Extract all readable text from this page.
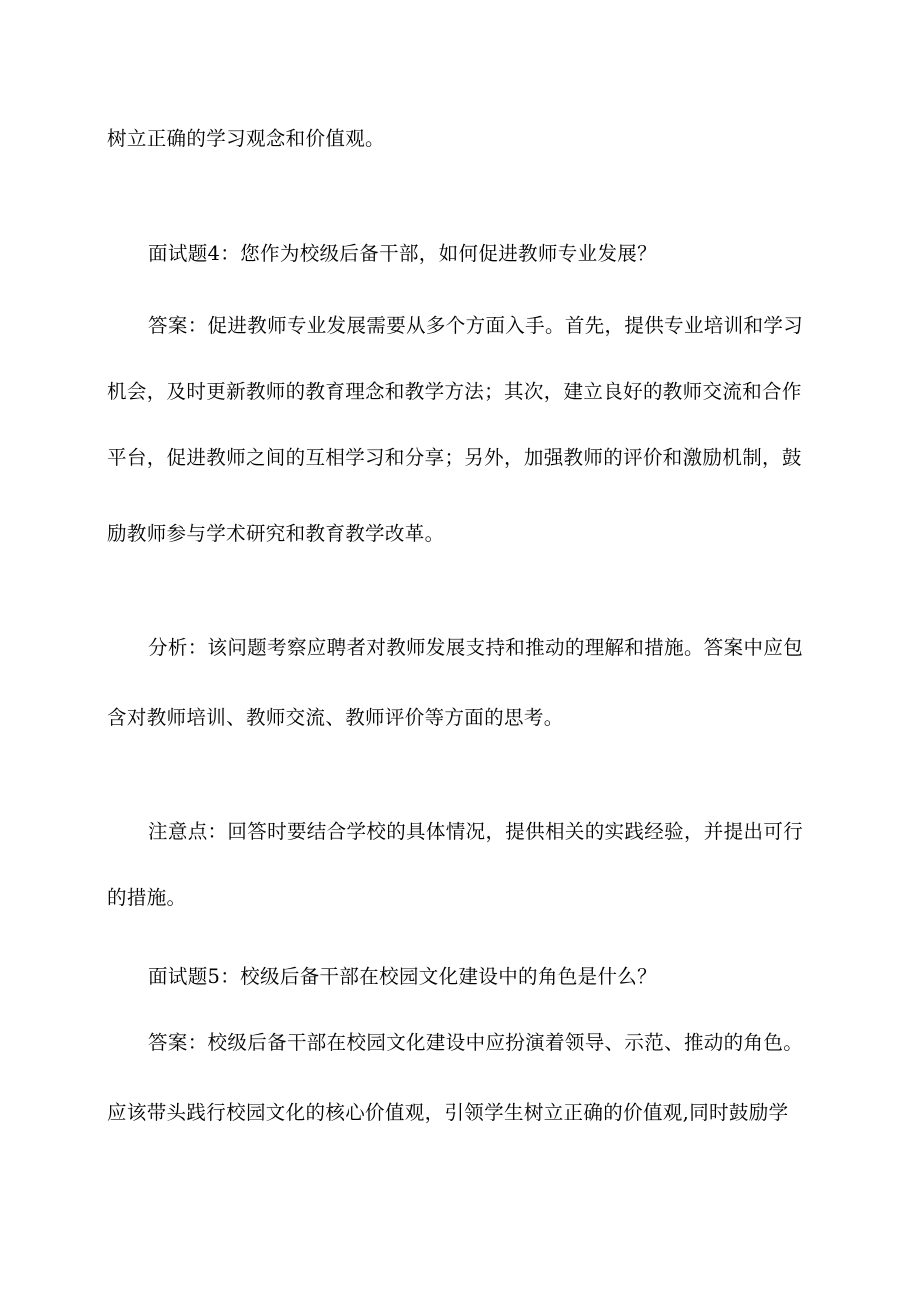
树立正确的学习观念和价值观。
面试题4：您作为校级后备干部，如何促进教师专业发展？
答案：促进教师专业发展需要从多个方面入手。首先，提供专业培训和学习
机会，及时更新教师的教育理念和教学方法；其次，建立良好的教师交流和合作
平台，促进教师之间的互相学习和分享；另外，加强教师的评价和激励机制，鼓
励教师参与学术研究和教育教学改革。
分析：该问题考察应聘者对教师发展支持和推动的理解和措施。答案中应包
含对教师培训、教师交流、教师评价等方面的思考。
注意点：回答时要结合学校的具体情况，提供相关的实践经验，并提出可行
的措施。
面试题5：校级后备干部在校园文化建设中的角色是什么？
答案：校级后备干部在校园文化建设中应扮演着领导、示范、推动的角色。
应该带头践行校园文化的核心价值观，引领学生树立正确的价值观,同时鼓励学
